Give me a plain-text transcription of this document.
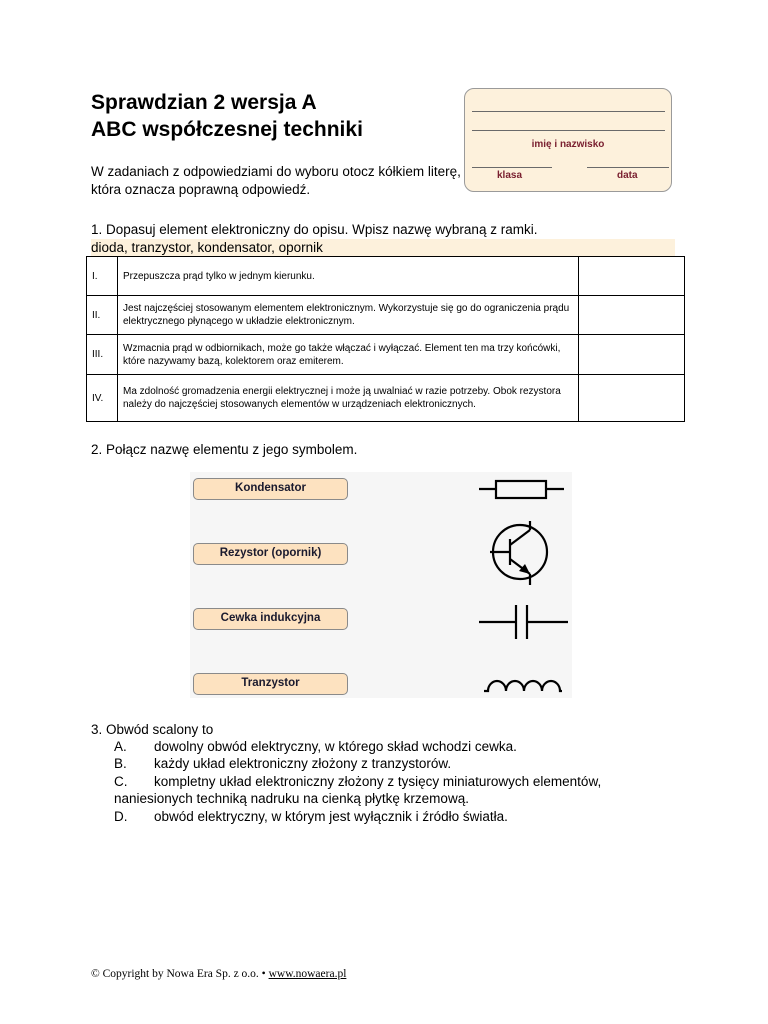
Sprawdzian 2 wersja A
ABC współczesnej techniki
W zadaniach z odpowiedziami do wyboru otocz kółkiem literę, która oznacza poprawną odpowiedź.
imię i nazwisko
klasa	data
1. Dopasuj element elektroniczny do opisu. Wpisz nazwę wybraną z ramki.
dioda, tranzystor, kondensator, opornik
I.	Przepuszcza prąd tylko w jednym kierunku.	
II.	Jest najczęściej stosowanym elementem elektronicznym. Wykorzystuje się go do ograniczenia prądu elektrycznego płynącego w układzie elektronicznym.	
III.	Wzmacnia prąd w odbiornikach, może go także włączać i wyłączać. Element ten ma trzy końcówki, które nazywamy bazą, kolektorem oraz emiterem.	
IV.	Ma zdolność gromadzenia energii elektrycznej i może ją uwalniać w razie potrzeby. Obok rezystora należy do najczęściej stosowanych elementów w urządzeniach elektronicznych.	
2. Połącz nazwę elementu z jego symbolem.
Kondensator
Rezystor (opornik)
Cewka indukcyjna
Tranzystor
3. Obwód scalony to
A. dowolny obwód elektryczny, w którego skład wchodzi cewka.
B. każdy układ elektroniczny złożony z tranzystorów.
C. kompletny układ elektroniczny złożony z tysięcy miniaturowych elementów,
naniesionych techniką nadruku na cienką płytkę krzemową.
D. obwód elektryczny, w którym jest wyłącznik i źródło światła.
© Copyright by Nowa Era Sp. z o.o. • www.nowaera.pl
